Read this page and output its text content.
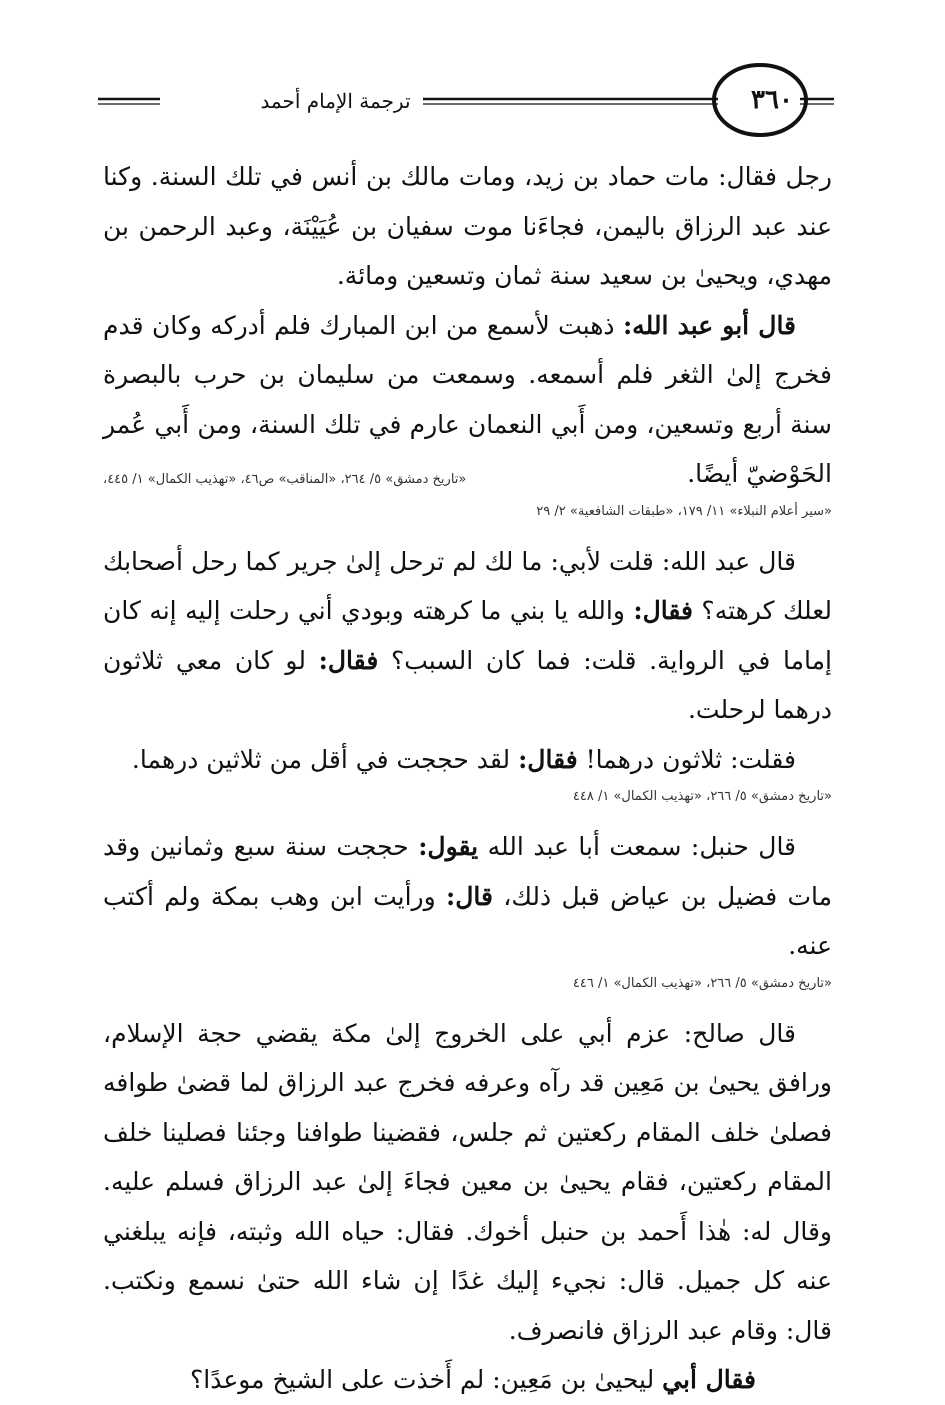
ترجمة الإمام أحمد	٣٦٠

رجل فقال: مات حماد بن زيد، ومات مالك بن أنس في تلك السنة. وكنا عند عبد الرزاق باليمن، فجاءَنا موت سفيان بن عُيَيْنَة، وعبد الرحمن بن مهدي، ويحيىٰ بن سعيد سنة ثمان وتسعين ومائة.

قال أبو عبد الله: ذهبت لأسمع من ابن المبارك فلم أدركه وكان قدم فخرج إلىٰ الثغر فلم أسمعه. وسمعت من سليمان بن حرب بالبصرة سنة أربع وتسعين، ومن أَبي النعمان عارم في تلك السنة، ومن أَبي عُمر الحَوْضيّ أيضًا.
«تاريخ دمشق» ٥/ ٢٦٤، «المناقب» ص٤٦، «تهذيب الكمال» ١/ ٤٤٥،

«سير أعلام النبلاء» ١١/ ١٧٩، «طبقات الشافعية» ٢/ ٢٩

قال عبد الله: قلت لأبي: ما لك لم ترحل إلىٰ جرير كما رحل أصحابك لعلك كرهته؟ فقال: والله يا بني ما كرهته وبودي أني رحلت إليه إنه كان إماما في الرواية. قلت: فما كان السبب؟ فقال: لو كان معي ثلاثون درهما لرحلت.

فقلت: ثلاثون درهما! فقال: لقد حججت في أقل من ثلاثين درهما.

«تاريخ دمشق» ٥/ ٢٦٦، «تهذيب الكمال» ١/ ٤٤٨

قال حنبل: سمعت أبا عبد الله يقول: حججت سنة سبع وثمانين وقد مات فضيل بن عياض قبل ذلك، قال: ورأيت ابن وهب بمكة ولم أكتب عنه.

«تاريخ دمشق» ٥/ ٢٦٦، «تهذيب الكمال» ١/ ٤٤٦

قال صالح: عزم أبي على الخروج إلىٰ مكة يقضي حجة الإسلام، ورافق يحيىٰ بن مَعِين قد رآه وعرفه فخرج عبد الرزاق لما قضىٰ طوافه فصلىٰ خلف المقام ركعتين ثم جلس، فقضينا طوافنا وجئنا فصلينا خلف المقام ركعتين، فقام يحيىٰ بن معين فجاءَ إلىٰ عبد الرزاق فسلم عليه. وقال له: هٰذا أَحمد بن حنبل أخوك. فقال: حياه الله وثبته، فإنه يبلغني عنه كل جميل. قال: نجيء إليك غدًا إن شاء الله حتىٰ نسمع ونكتب. قال: وقام عبد الرزاق فانصرف.

فقال أبي ليحيىٰ بن مَعِين: لم أَخذت على الشيخ موعدًا؟
